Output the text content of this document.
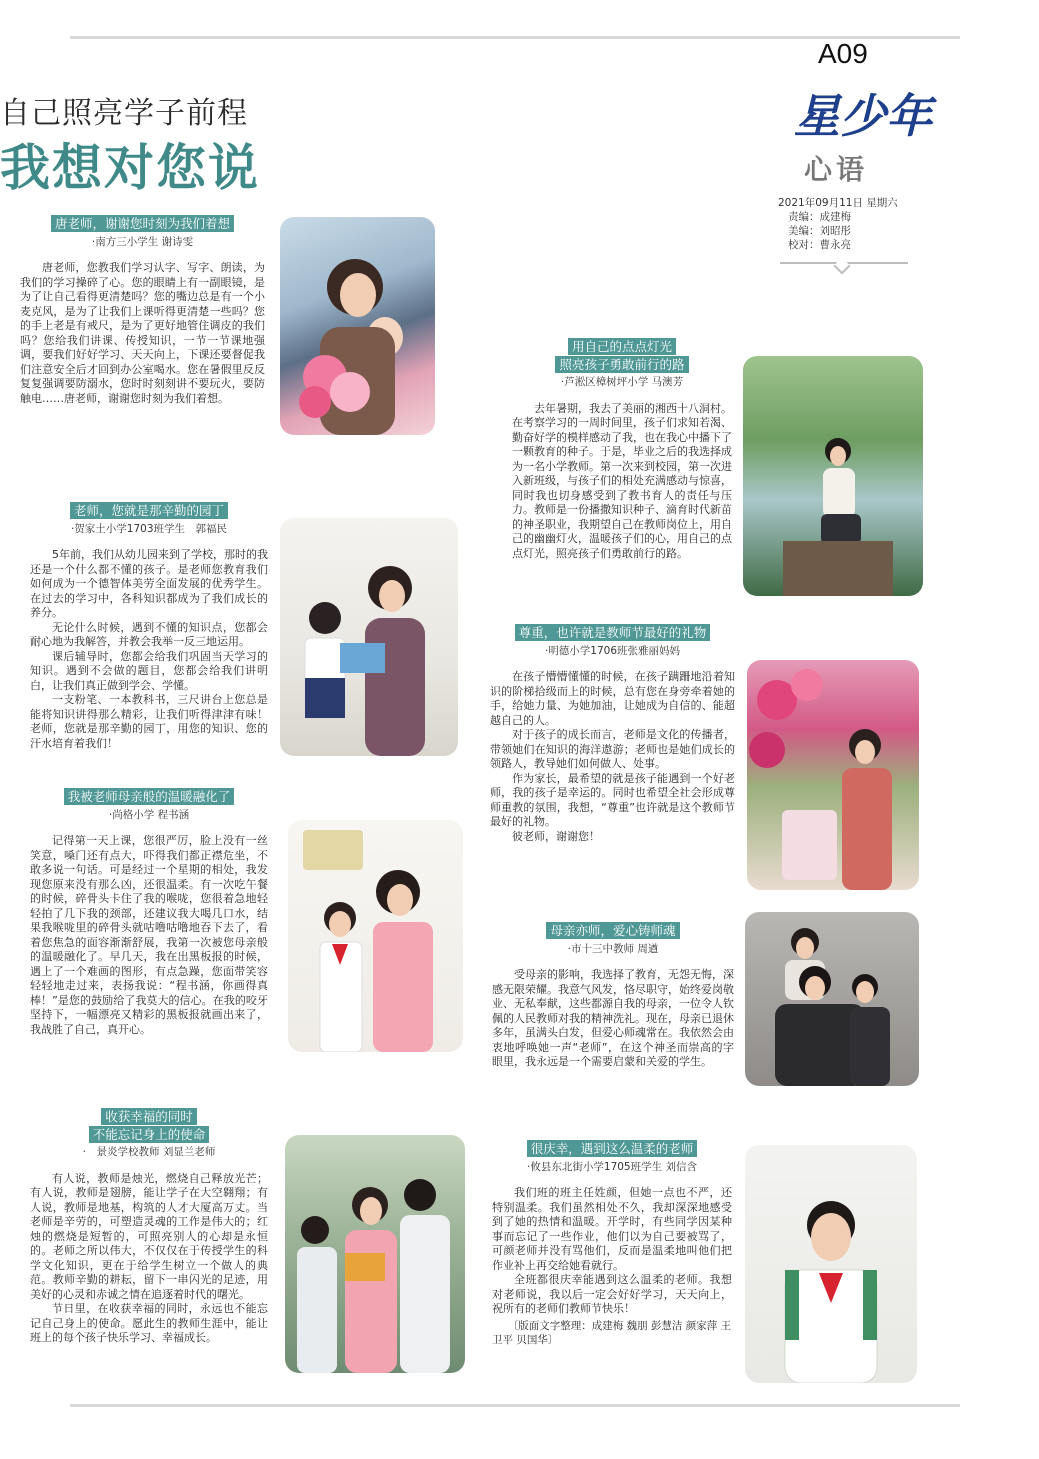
自己照亮学子前程
我想对您说
A09
星少年
心语
2021年09月11日 星期六
责编：成建梅
美编：刘昭彤
校对：曹永亮
唐老师，谢谢您时刻为我们着想
·南方三小学生 谢诗雯

唐老师，您教我们学习认字、写字、朗读，为我们的学习操碎了心。您的眼睛上有一副眼镜，是为了让自己看得更清楚吗？您的嘴边总是有一个小麦克风，是为了让我们上课听得更清楚一些吗？您的手上老是有戒尺，是为了更好地管住调皮的我们吗？您给我们讲课、传授知识，一节一节课地强调，要我们好好学习、天天向上，下课还要督促我们注意安全后才回到办公室喝水。您在暑假里反反复复强调要防溺水，您时时刻刻讲不要玩火，要防触电……唐老师，谢谢您时刻为我们着想。

老师，您就是那辛勤的园丁
·贺家土小学1703班学生　郭福民

5年前，我们从幼儿园来到了学校，那时的我还是一个什么都不懂的孩子。是老师您教育我们如何成为一个德智体美劳全面发展的优秀学生。在过去的学习中，各科知识都成为了我们成长的养分。

无论什么时候，遇到不懂的知识点，您都会耐心地为我解答，并教会我举一反三地运用。

课后辅导时，您都会给我们巩固当天学习的知识。遇到不会做的题目，您都会给我们讲明白，让我们真正做到学会、学懂。

一支粉笔、一本教科书，三尺讲台上您总是能将知识讲得那么精彩，让我们听得津津有味！老师，您就是那辛勤的园丁，用您的知识、您的汗水培育着我们！

我被老师母亲般的温暖融化了
·尚格小学 程书涵

记得第一天上课，您很严厉，脸上没有一丝笑意，嗓门还有点大，吓得我们都正襟危坐，不敢多说一句话。可是经过一个星期的相处，我发现您原来没有那么凶，还很温柔。有一次吃午餐的时候，碎骨头卡住了我的喉咙，您很着急地轻轻拍了几下我的颈部，还建议我大喝几口水，结果我喉咙里的碎骨头就咕噜咕噜地吞下去了，看着您焦急的面容渐渐舒展，我第一次被您母亲般的温暖融化了。早几天，我在出黑板报的时候，遇上了一个难画的图形，有点急躁，您面带笑容轻轻地走过来，表扬我说：“程书涵，你画得真棒！”是您的鼓励给了我莫大的信心。在我的咬牙坚持下，一幅漂亮又精彩的黑板报就画出来了，我战胜了自己，真开心。

收获幸福的同时
不能忘记身上的使命
·　景炎学校教师 刘显兰老师

有人说，教师是烛光，燃烧自己释放光芒；有人说，教师是翅膀，能让学子在大空翱翔；有人说，教师是地基，构筑的人才大厦高万丈。当老师是辛劳的，可塑造灵魂的工作是伟大的；红烛的燃烧是短暂的，可照亮别人的心却是永恒的。老师之所以伟大，不仅仅在于传授学生的科学文化知识，更在于给学生树立一个做人的典范。教师辛勤的耕耘，留下一串闪光的足迹，用美好的心灵和赤诚之情在追逐着时代的曙光。

节日里，在收获幸福的同时，永远也不能忘记自己身上的使命。愿此生的教师生涯中，能让班上的每个孩子快乐学习、幸福成长。

用自己的点点灯光
照亮孩子勇敢前行的路
·芦淞区樟树坪小学 马澳芳

去年暑期，我去了美丽的湘西十八洞村。在考察学习的一周时间里，孩子们求知若渴、勤奋好学的模样感动了我，也在我心中播下了一颗教育的种子。于是，毕业之后的我选择成为一名小学教师。第一次来到校园，第一次进入新班级，与孩子们的相处充满感动与惊喜，同时我也切身感受到了教书育人的责任与压力。教师是一份播撒知识种子、滴育时代新苗的神圣职业，我期望自己在教师岗位上，用自己的幽幽灯火，温暖孩子们的心，用自己的点点灯光，照亮孩子们勇敢前行的路。

尊重，也许就是教师节最好的礼物
·明德小学1706班张雅丽妈妈

在孩子懵懵懂懂的时候，在孩子蹒跚地沿着知识的阶梯拾级而上的时候，总有您在身旁牵着她的手，给她力量、为她加油，让她成为自信的、能超越自己的人。

对于孩子的成长而言，老师是文化的传播者，带领她们在知识的海洋遨游；老师也是她们成长的领路人，教导她们如何做人、处事。

作为家长，最希望的就是孩子能遇到一个好老师，我的孩子是幸运的。同时也希望全社会形成尊师重教的氛围，我想，“尊重”也许就是这个教师节最好的礼物。

彼老师，谢谢您！

母亲亦师，爱心铸师魂
·市十三中教师 周遒

受母亲的影响，我选择了教育，无怨无悔，深感无限荣耀。我意气风发，恪尽职守，始终爱岗敬业、无私奉献，这些都源自我的母亲，一位令人钦佩的人民教师对我的精神洗礼。现在，母亲已退休多年，虽满头白发，但爱心师魂常在。我依然会由衷地呼唤她一声“老师”，在这个神圣而崇高的字眼里，我永远是一个需要启蒙和关爱的学生。

很庆幸，遇到这么温柔的老师
·攸县东北街小学1705班学生 刘信含

我们班的班主任姓颜，但她一点也不严，还特别温柔。我们虽然相处不久，我却深深地感受到了她的热情和温暖。开学时，有些同学因某种事而忘记了一些作业，他们以为自己要被骂了，可颜老师并没有骂他们，反而是温柔地叫他们把作业补上再交给她看就行。

全班都很庆幸能遇到这么温柔的老师。我想对老师说，我以后一定会好好学习，天天向上，祝所有的老师们教师节快乐！

〔版面文字整理：成建梅 魏朋 彭慧洁 颜家萍 王卫平 贝国华〕
